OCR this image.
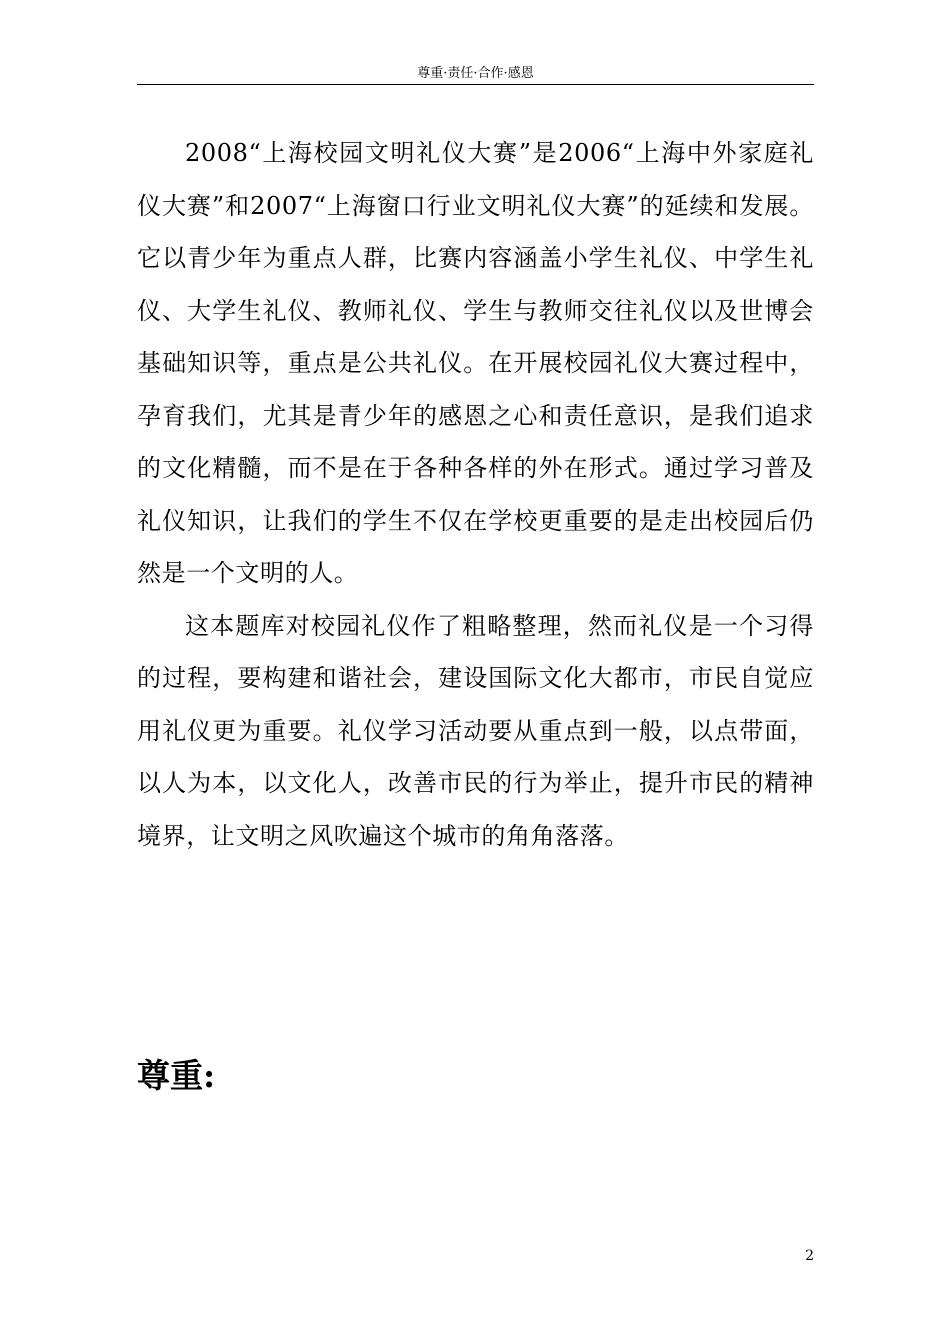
尊重·责任·合作·感恩

2008“上海校园文明礼仪大赛”是2006“上海中外家庭礼仪大赛”和2007“上海窗口行业文明礼仪大赛”的延续和发展。它以青少年为重点人群，比赛内容涵盖小学生礼仪、中学生礼仪、大学生礼仪、教师礼仪、学生与教师交往礼仪以及世博会基础知识等，重点是公共礼仪。在开展校园礼仪大赛过程中，孕育我们，尤其是青少年的感恩之心和责任意识，是我们追求的文化精髓，而不是在于各种各样的外在形式。通过学习普及礼仪知识，让我们的学生不仅在学校更重要的是走出校园后仍然是一个文明的人。

这本题库对校园礼仪作了粗略整理，然而礼仪是一个习得的过程，要构建和谐社会，建设国际文化大都市，市民自觉应用礼仪更为重要。礼仪学习活动要从重点到一般，以点带面，以人为本，以文化人，改善市民的行为举止，提升市民的精神境界，让文明之风吹遍这个城市的角角落落。

尊重:
2
